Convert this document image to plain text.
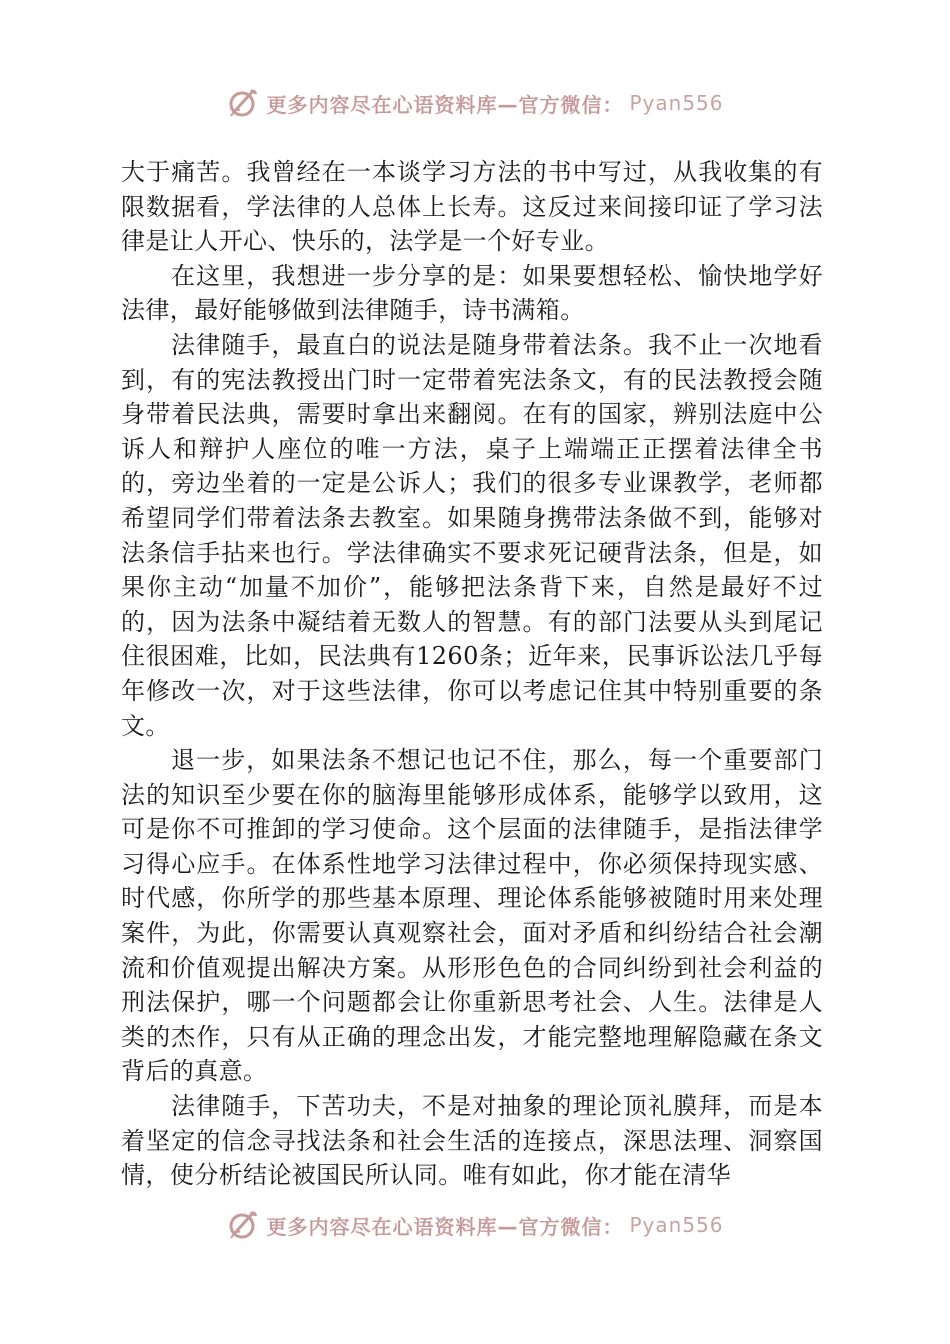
更多内容尽在心语资料库—官方微信： Pyan556

大于痛苦。我曾经在一本谈学习方法的书中写过，从我收集的有限数据看，学法律的人总体上长寿。这反过来间接印证了学习法律是让人开心、快乐的，法学是一个好专业。

在这里，我想进一步分享的是：如果要想轻松、愉快地学好法律，最好能够做到法律随手，诗书满箱。

法律随手，最直白的说法是随身带着法条。我不止一次地看到，有的宪法教授出门时一定带着宪法条文，有的民法教授会随身带着民法典，需要时拿出来翻阅。在有的国家，辨别法庭中公诉人和辩护人座位的唯一方法，桌子上端端正正摆着法律全书的，旁边坐着的一定是公诉人；我们的很多专业课教学，老师都希望同学们带着法条去教室。如果随身携带法条做不到，能够对法条信手拈来也行。学法律确实不要求死记硬背法条，但是，如果你主动“加量不加价”，能够把法条背下来，自然是最好不过的，因为法条中凝结着无数人的智慧。有的部门法要从头到尾记住很困难，比如，民法典有1260条；近年来，民事诉讼法几乎每年修改一次，对于这些法律，你可以考虑记住其中特别重要的条文。

退一步，如果法条不想记也记不住，那么，每一个重要部门法的知识至少要在你的脑海里能够形成体系，能够学以致用，这可是你不可推卸的学习使命。这个层面的法律随手，是指法律学习得心应手。在体系性地学习法律过程中，你必须保持现实感、时代感，你所学的那些基本原理、理论体系能够被随时用来处理案件，为此，你需要认真观察社会，面对矛盾和纠纷结合社会潮流和价值观提出解决方案。从形形色色的合同纠纷到社会利益的刑法保护，哪一个问题都会让你重新思考社会、人生。法律是人类的杰作，只有从正确的理念出发，才能完整地理解隐藏在条文背后的真意。

法律随手，下苦功夫，不是对抽象的理论顶礼膜拜，而是本着坚定的信念寻找法条和社会生活的连接点，深思法理、洞察国情，使分析结论被国民所认同。唯有如此，你才能在清华

更多内容尽在心语资料库—官方微信： Pyan556
